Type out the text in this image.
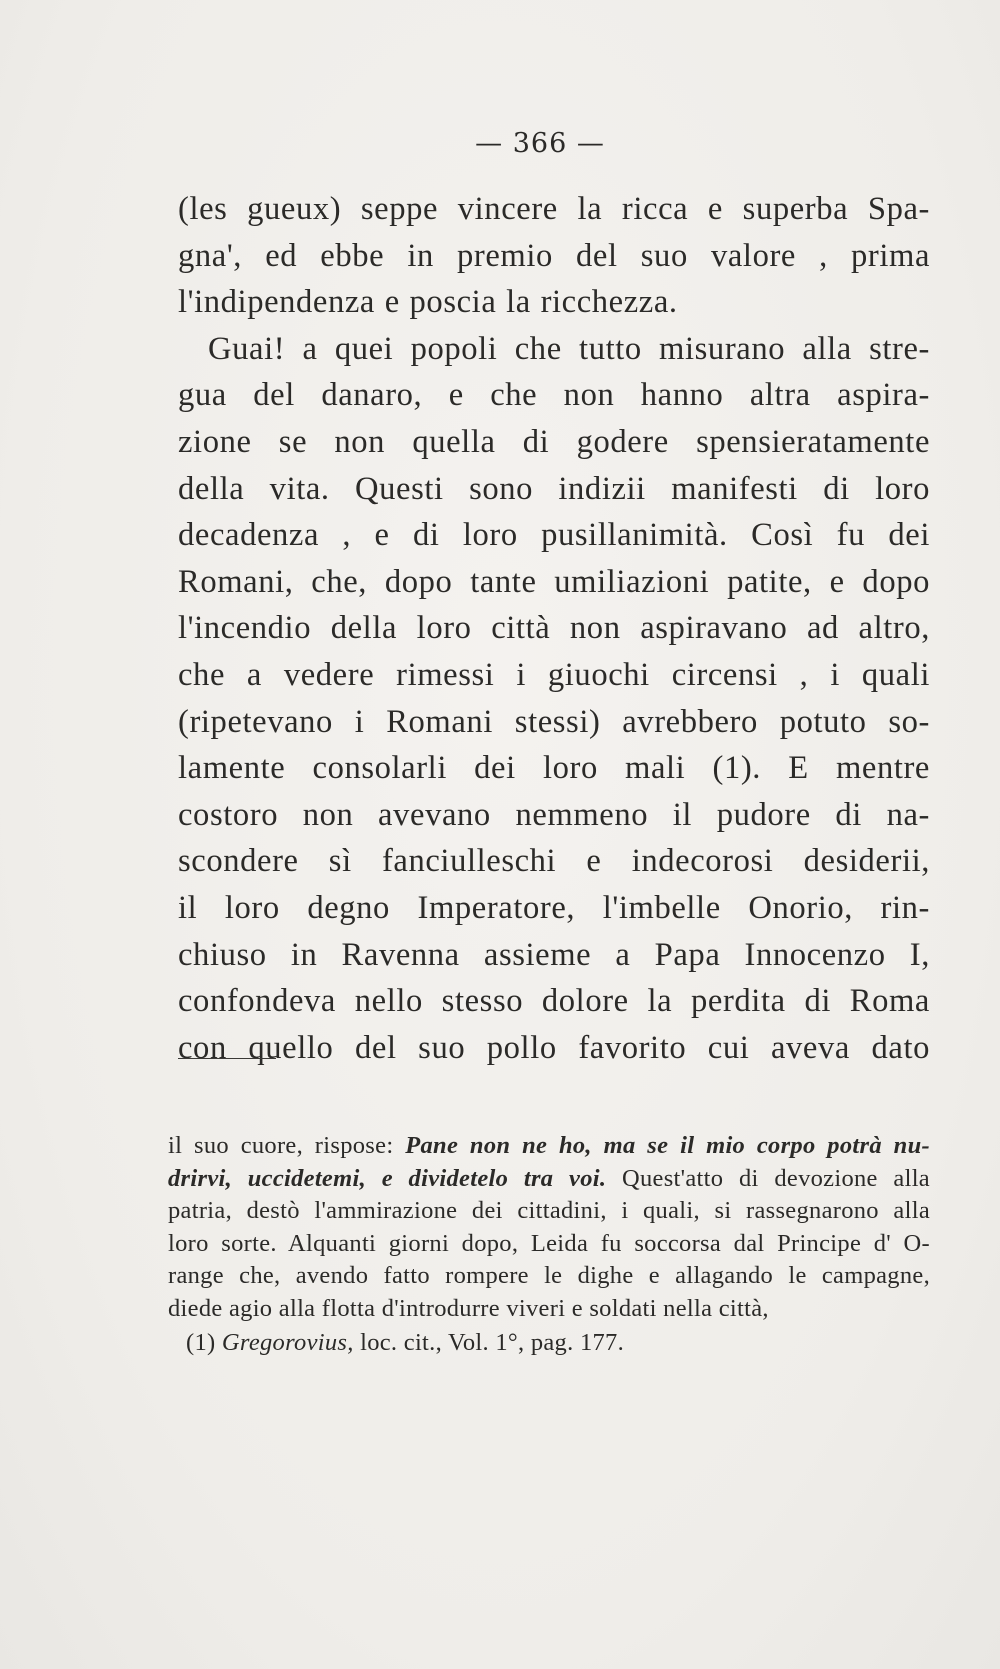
— 366 —
(les gueux) seppe vincere la ricca e superba Spa-
gna', ed ebbe in premio del suo valore , prima
l'indipendenza e poscia la ricchezza.
Guai! a quei popoli che tutto misurano alla stre-
gua del danaro, e che non hanno altra aspira-
zione se non quella di godere spensieratamente
della vita. Questi sono indizii manifesti di loro
decadenza , e di loro pusillanimità. Così fu dei
Romani, che, dopo tante umiliazioni patite, e dopo
l'incendio della loro città non aspiravano ad altro,
che a vedere rimessi i giuochi circensi , i quali
(ripetevano i Romani stessi) avrebbero potuto so-
lamente consolarli dei loro mali (1). E mentre
costoro non avevano nemmeno il pudore di na-
scondere sì fanciulleschi e indecorosi desiderii,
il loro degno Imperatore, l'imbelle Onorio, rin-
chiuso in Ravenna assieme a Papa Innocenzo I,
confondeva nello stesso dolore la perdita di Roma
con quello del suo pollo favorito cui aveva dato
il suo cuore, rispose: Pane non ne ho, ma se il mio corpo potrà nu-
drirvi, uccidetemi, e dividetelo tra voi. Quest'atto di devozione alla
patria, destò l'ammirazione dei cittadini, i quali, si rassegnarono alla
loro sorte. Alquanti giorni dopo, Leida fu soccorsa dal Principe d' O-
range che, avendo fatto rompere le dighe e allagando le campagne,
diede agio alla flotta d'introdurre viveri e soldati nella città,
(1) Gregorovius, loc. cit., Vol. 1°, pag. 177.
